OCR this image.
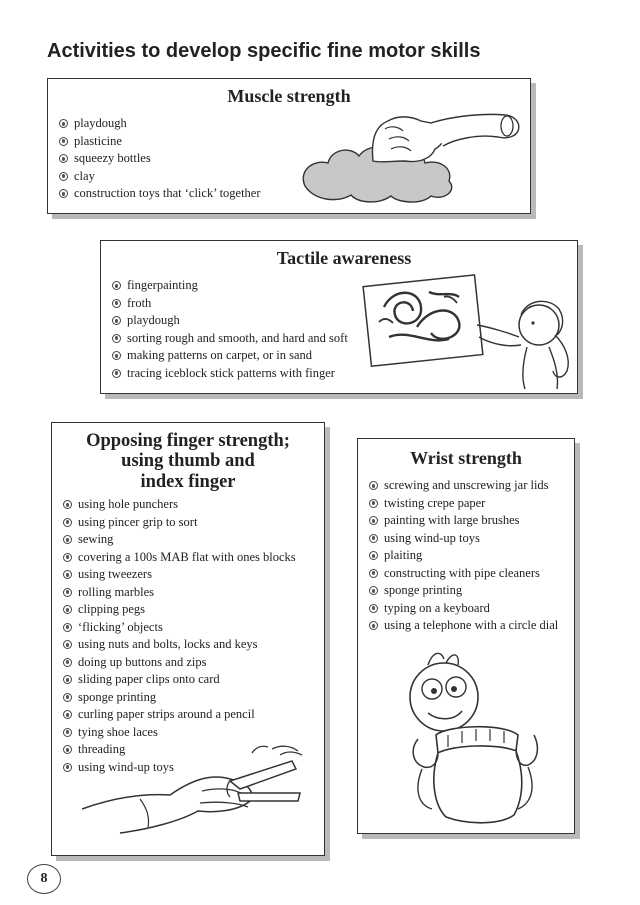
Activities to develop specific fine motor skills
Muscle strength
playdough
plasticine
squeezy bottles
clay
construction toys that ‘click’ together
Tactile awareness
fingerpainting
froth
playdough
sorting rough and smooth, and hard and soft
making patterns on carpet, or in sand
tracing iceblock stick patterns with finger
Opposing finger strength;
using thumb and
index finger
using hole punchers
using pincer grip to sort
sewing
covering a 100s MAB flat with ones blocks
using tweezers
rolling marbles
clipping pegs
‘flicking’ objects
using nuts and bolts, locks and keys
doing up buttons and zips
sliding paper clips onto card
sponge printing
curling paper strips around a pencil
tying shoe laces
threading
using wind-up toys
Wrist strength
screwing and unscrewing jar lids
twisting crepe paper
painting with large brushes
using wind-up toys
plaiting
constructing with pipe cleaners
sponge printing
typing on a keyboard
using a telephone with a circle dial
8
